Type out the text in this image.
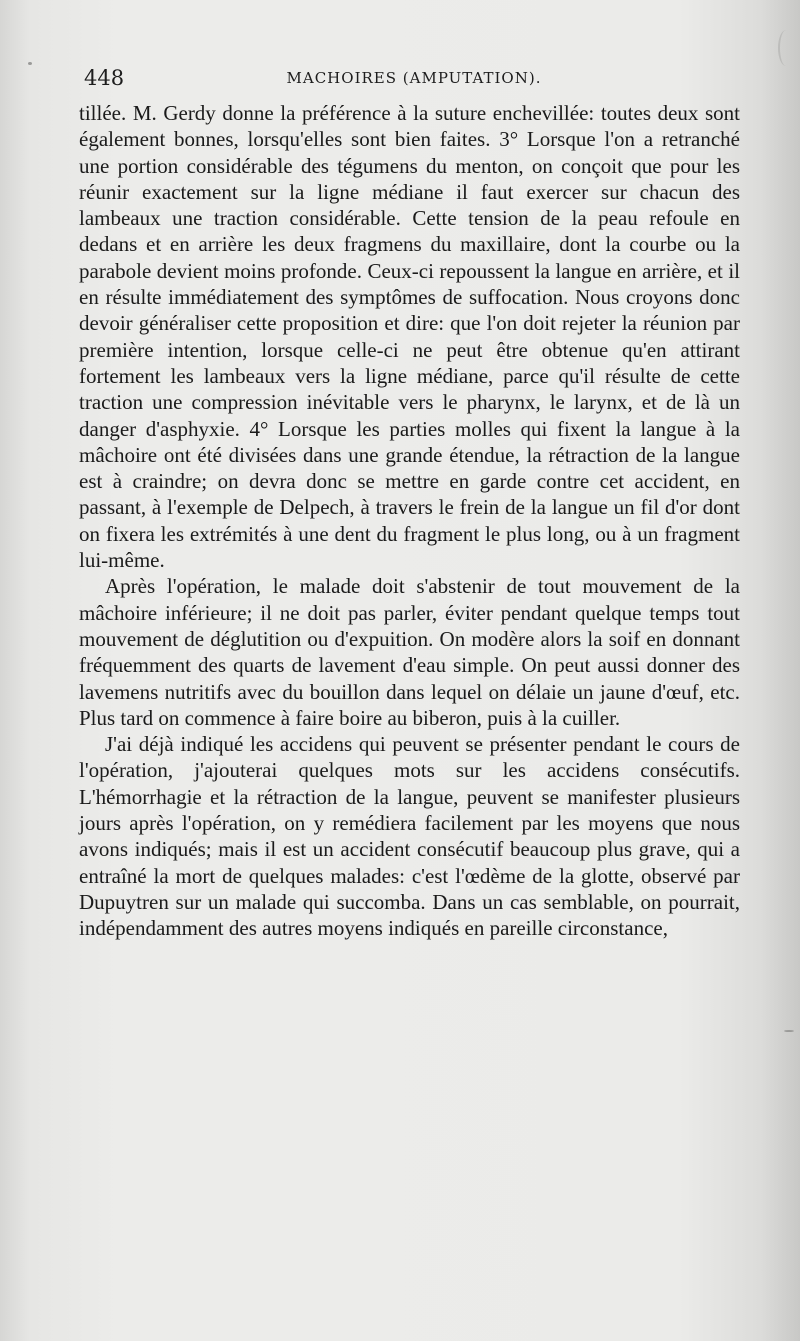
448	MACHOIRES (AMPUTATION).

tillée. M. Gerdy donne la préférence à la suture enchevillée: toutes deux sont également bonnes, lorsqu'elles sont bien faites. 3° Lorsque l'on a retranché une portion considérable des tégumens du menton, on conçoit que pour les réunir exactement sur la ligne médiane il faut exercer sur chacun des lambeaux une traction considérable. Cette tension de la peau refoule en dedans et en arrière les deux fragmens du maxillaire, dont la courbe ou la parabole devient moins profonde. Ceux-ci repoussent la langue en arrière, et il en résulte immédiatement des symptômes de suffocation. Nous croyons donc devoir généraliser cette proposition et dire: que l'on doit rejeter la réunion par première intention, lorsque celle-ci ne peut être obtenue qu'en attirant fortement les lambeaux vers la ligne médiane, parce qu'il résulte de cette traction une compression inévitable vers le pharynx, le larynx, et de là un danger d'asphyxie. 4° Lorsque les parties molles qui fixent la langue à la mâchoire ont été divisées dans une grande étendue, la rétraction de la langue est à craindre; on devra donc se mettre en garde contre cet accident, en passant, à l'exemple de Delpech, à travers le frein de la langue un fil d'or dont on fixera les extrémités à une dent du fragment le plus long, ou à un fragment lui-même.

Après l'opération, le malade doit s'abstenir de tout mouvement de la mâchoire inférieure; il ne doit pas parler, éviter pendant quelque temps tout mouvement de déglutition ou d'expuition. On modère alors la soif en donnant fréquemment des quarts de lavement d'eau simple. On peut aussi donner des lavemens nutritifs avec du bouillon dans lequel on délaie un jaune d'œuf, etc. Plus tard on commence à faire boire au biberon, puis à la cuiller.

J'ai déjà indiqué les accidens qui peuvent se présenter pendant le cours de l'opération, j'ajouterai quelques mots sur les accidens consécutifs. L'hémorrhagie et la rétraction de la langue, peuvent se manifester plusieurs jours après l'opération, on y remédiera facilement par les moyens que nous avons indiqués; mais il est un accident consécutif beaucoup plus grave, qui a entraîné la mort de quelques malades: c'est l'œdème de la glotte, observé par Dupuytren sur un malade qui succomba. Dans un cas semblable, on pourrait, indépendamment des autres moyens indiqués en pareille circonstance,
